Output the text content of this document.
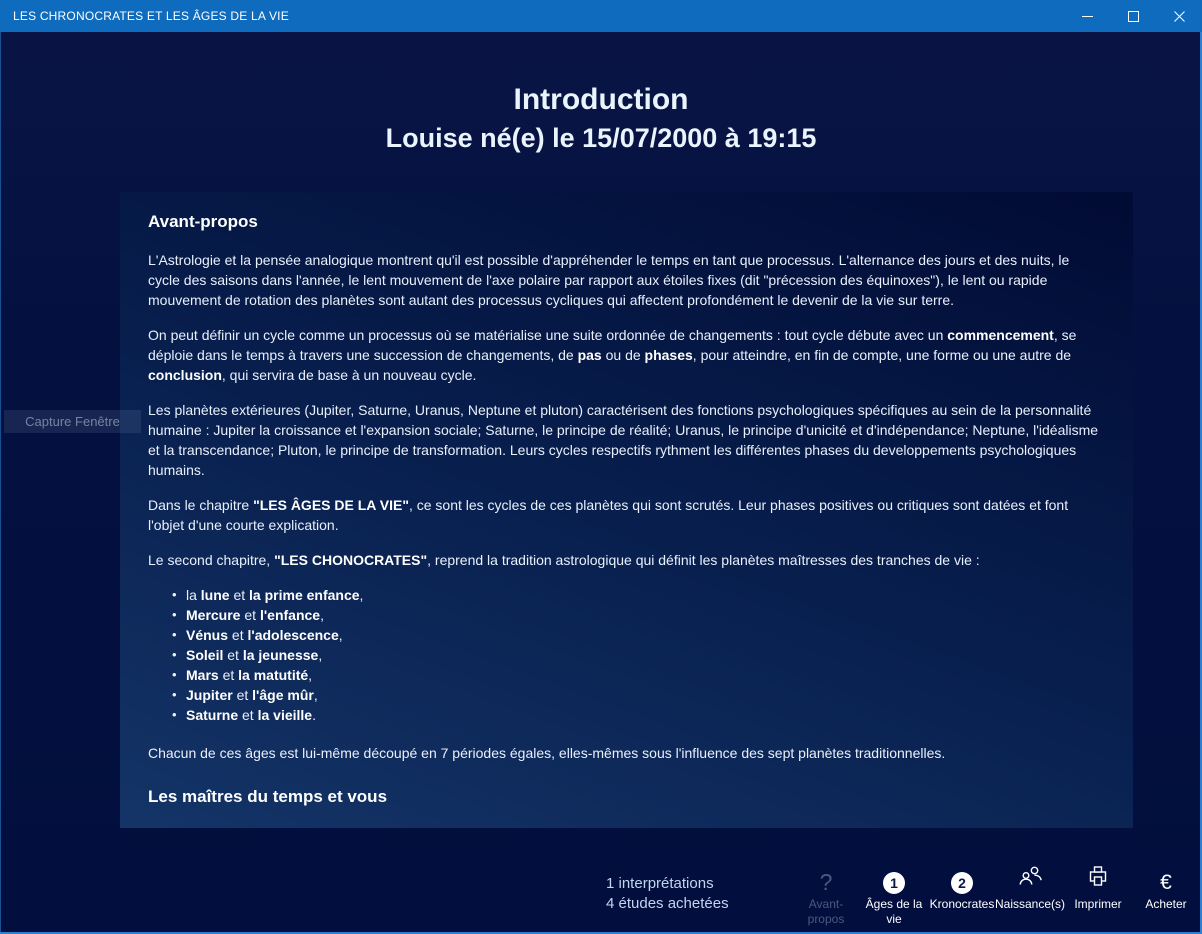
LES CHRONOCRATES ET LES ÂGES DE LA VIE
Introduction
Louise né(e) le 15/07/2000 à 19:15
Avant-propos

L'Astrologie et la pensée analogique montrent qu'il est possible d'appréhender le temps en tant que processus. L'alternance des jours et des nuits, le cycle des saisons dans l'année, le lent mouvement de l'axe polaire par rapport aux étoiles fixes (dit "précession des équinoxes"), le lent ou rapide mouvement de rotation des planètes sont autant des processus cycliques qui affectent profondément le devenir de la vie sur terre.

On peut définir un cycle comme un processus où se matérialise une suite ordonnée de changements : tout cycle débute avec un commencement, se déploie dans le temps à travers une succession de changements, de pas ou de phases, pour atteindre, en fin de compte, une forme ou une autre de conclusion, qui servira de base à un nouveau cycle.

Les planètes extérieures (Jupiter, Saturne, Uranus, Neptune et pluton) caractérisent des fonctions psychologiques spécifiques au sein de la personnalité humaine : Jupiter la croissance et l'expansion sociale; Saturne, le principe de réalité; Uranus, le principe d'unicité et d'indépendance; Neptune, l'idéalisme et la transcendance; Pluton, le principe de transformation. Leurs cycles respectifs rythment les différentes phases du developpements psychologiques humains.

Dans le chapitre "LES ÂGES DE LA VIE", ce sont les cycles de ces planètes qui sont scrutés. Leur phases positives ou critiques sont datées et font l'objet d'une courte explication.

Le second chapitre, "LES CHONOCRATES", reprend la tradition astrologique qui définit les planètes maîtresses des tranches de vie :

• la lune et la prime enfance,
• Mercure et l'enfance,
• Vénus et l'adolescence,
• Soleil et la jeunesse,
• Mars et la matutité,
• Jupiter et l'âge mûr,
• Saturne et la vieille.

Chacun de ces âges est lui-même découpé en 7 périodes égales, elles-mêmes sous l'influence des sept planètes traditionnelles.

Les maîtres du temps et vous
Capture Fenêtre
1 interprétations
4 études achetées
?
Avant-propos
1
Âges de la vie
2
Kronocrates Naissance(s) Imprimer
€
Acheter
